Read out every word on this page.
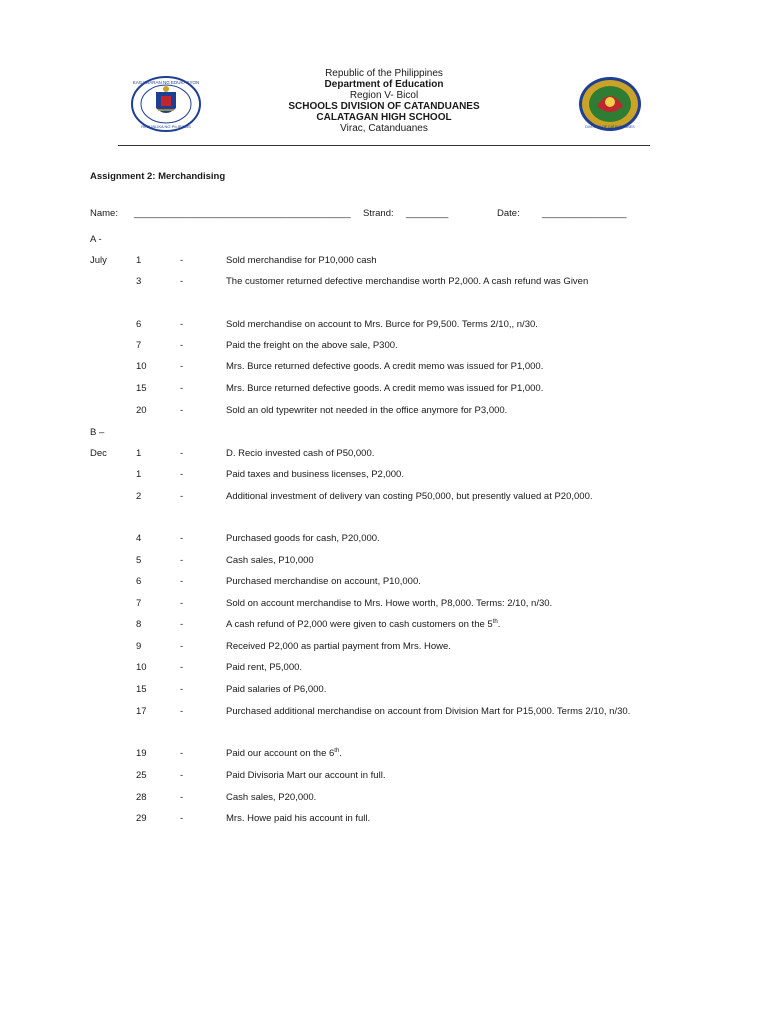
KAGAWARAN NG EDUKASYON
REPUBLIKA NG PILIPINAS	DIVISION OF CATANDUANES
Republic of the Philippines
Department of Education
Region V- Bicol
SCHOOLS DIVISION OF CATANDUANES
CALATAGAN HIGH SCHOOL
Virac, Catanduanes
Assignment 2: Merchandising
Name: _________________________________________ Strand: ________	Date: ________________
A -
July	1	-	Sold merchandise for P10,000 cash
3	-	The customer returned defective merchandise worth P2,000. A cash refund was Given
6	-	Sold merchandise on account to Mrs. Burce for P9,500. Terms 2/10,, n/30.
7	-	Paid the freight on the above sale, P300.
10	-	Mrs. Burce returned defective goods. A credit memo was issued for P1,000.
15	-	Mrs. Burce returned defective goods. A credit memo was issued for P1,000.
20	-	Sold an old typewriter not needed in the office anymore for P3,000.
B –
Dec	1	-	D. Recio invested cash of P50,000.
1	-	Paid taxes and business licenses, P2,000.
2	-	Additional investment of delivery van costing P50,000, but presently valued at P20,000.
4	-	Purchased goods for cash, P20,000.
5	-	Cash sales, P10,000
6	-	Purchased merchandise on account, P10,000.
7	-	Sold on account merchandise to Mrs. Howe worth, P8,000. Terms: 2/10, n/30.
8	-	A cash refund of P2,000 were given to cash customers on the 5th.
9	-	Received P2,000 as partial payment from Mrs. Howe.
10	-	Paid rent, P5,000.
15	-	Paid salaries of P6,000.
17	-	Purchased additional merchandise on account from Division Mart for P15,000. Terms 2/10, n/30.
19	-	Paid our account on the 6th.
25	-	Paid Divisoria Mart our account in full.
28	-	Cash sales, P20,000.
29	-	Mrs. Howe paid his account in full.
